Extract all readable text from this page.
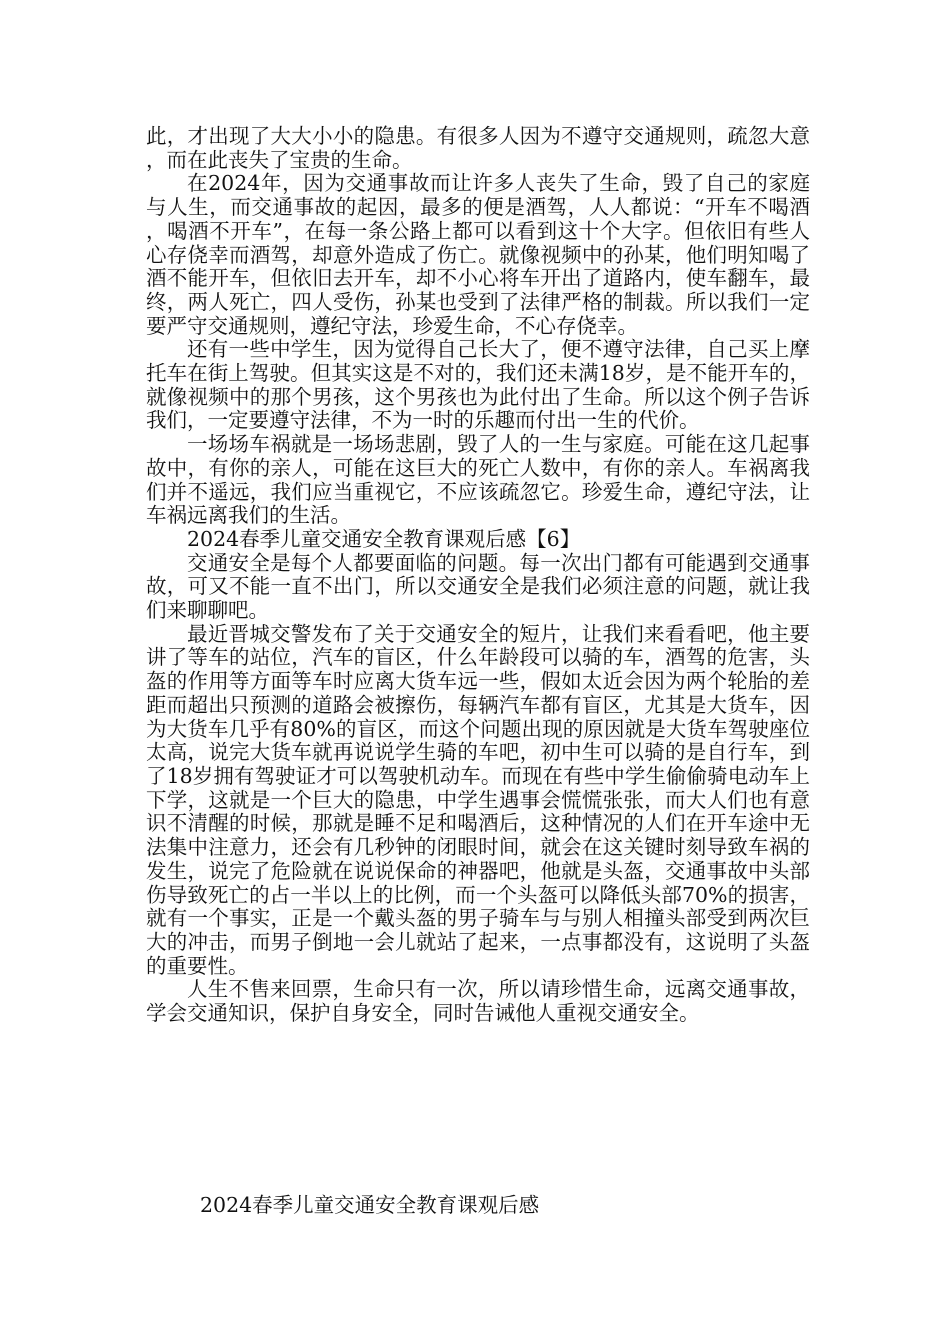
此，才出现了大大小小的隐患。有很多人因为不遵守交通规则，疏忽大意，而在此丧失了宝贵的生命。

在2024年，因为交通事故而让许多人丧失了生命，毁了自己的家庭与人生，而交通事故的起因，最多的便是酒驾，人人都说：“开车不喝酒，喝酒不开车”，在每一条公路上都可以看到这十个大字。但依旧有些人心存侥幸而酒驾，却意外造成了伤亡。就像视频中的孙某，他们明知喝了酒不能开车，但依旧去开车，却不小心将车开出了道路内，使车翻车，最终，两人死亡，四人受伤，孙某也受到了法律严格的制裁。所以我们一定要严守交通规则，遵纪守法，珍爱生命，不心存侥幸。

还有一些中学生，因为觉得自己长大了，便不遵守法律，自己买上摩托车在街上驾驶。但其实这是不对的，我们还未满18岁，是不能开车的，就像视频中的那个男孩，这个男孩也为此付出了生命。所以这个例子告诉我们，一定要遵守法律，不为一时的乐趣而付出一生的代价。

一场场车祸就是一场场悲剧，毁了人的一生与家庭。可能在这几起事故中，有你的亲人，可能在这巨大的死亡人数中，有你的亲人。车祸离我们并不遥远，我们应当重视它，不应该疏忽它。珍爱生命，遵纪守法，让车祸远离我们的生活。

2024春季儿童交通安全教育课观后感【6】

交通安全是每个人都要面临的问题。每一次出门都有可能遇到交通事故，可又不能一直不出门，所以交通安全是我们必须注意的问题，就让我们来聊聊吧。

最近晋城交警发布了关于交通安全的短片，让我们来看看吧，他主要讲了等车的站位，汽车的盲区，什么年龄段可以骑的车，酒驾的危害，头盔的作用等方面等车时应离大货车远一些，假如太近会因为两个轮胎的差距而超出只预测的道路会被擦伤，每辆汽车都有盲区，尤其是大货车，因为大货车几乎有80%的盲区，而这个问题出现的原因就是大货车驾驶座位太高，说完大货车就再说说学生骑的车吧，初中生可以骑的是自行车，到了18岁拥有驾驶证才可以驾驶机动车。而现在有些中学生偷偷骑电动车上下学，这就是一个巨大的隐患，中学生遇事会慌慌张张，而大人们也有意识不清醒的时候，那就是睡不足和喝酒后，这种情况的人们在开车途中无法集中注意力，还会有几秒钟的闭眼时间，就会在这关键时刻导致车祸的发生，说完了危险就在说说保命的神器吧，他就是头盔，交通事故中头部伤导致死亡的占一半以上的比例，而一个头盔可以降低头部70%的损害，就有一个事实，正是一个戴头盔的男子骑车与与别人相撞头部受到两次巨大的冲击，而男子倒地一会儿就站了起来，一点事都没有，这说明了头盔的重要性。

人生不售来回票，生命只有一次，所以请珍惜生命，远离交通事故，学会交通知识，保护自身安全，同时告诫他人重视交通安全。

2024春季儿童交通安全教育课观后感
